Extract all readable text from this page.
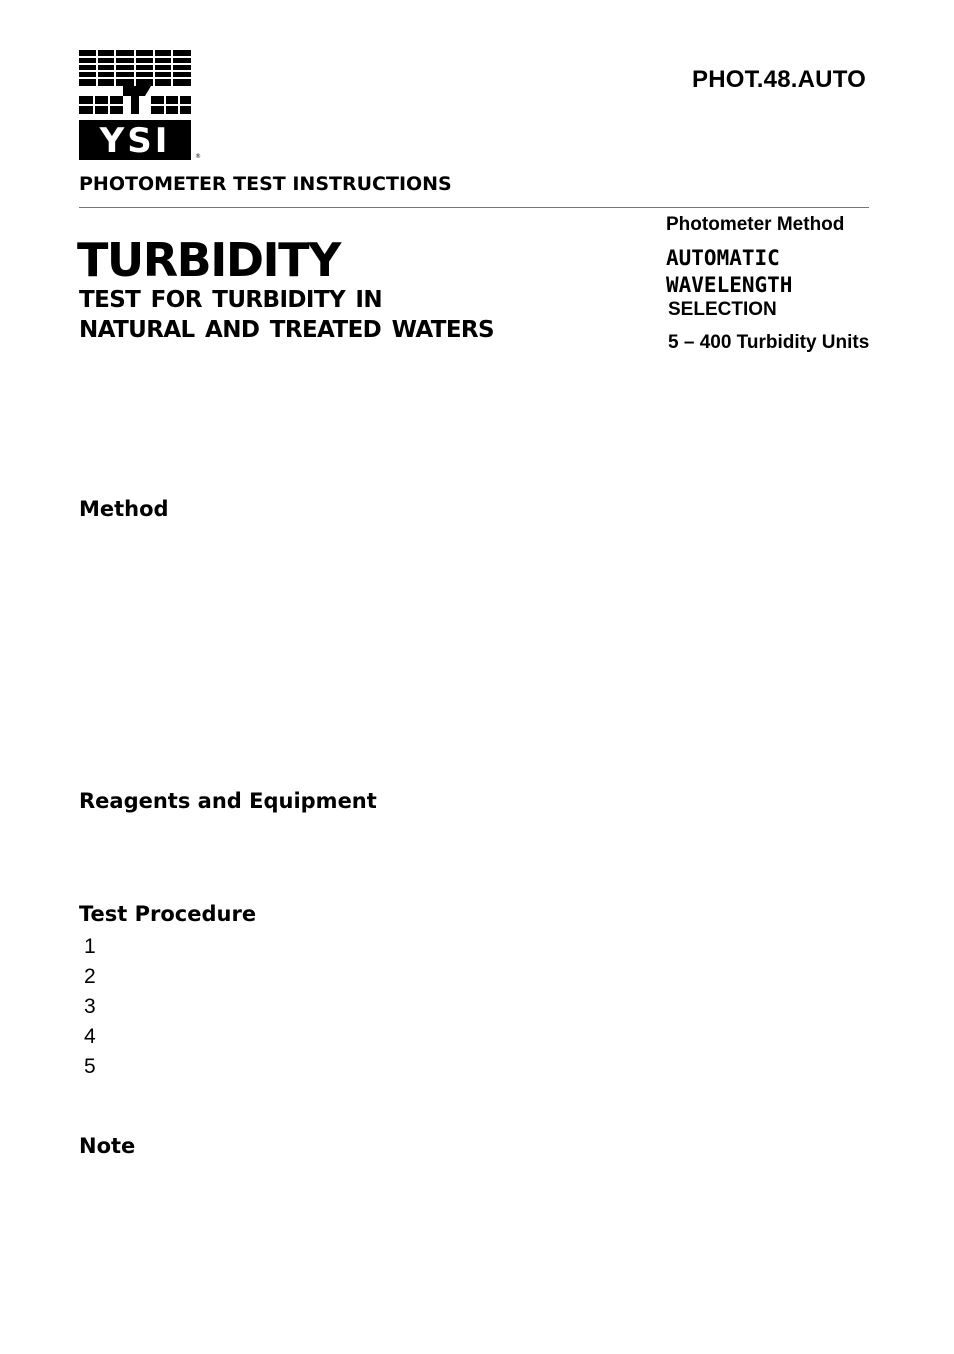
YSI	®
PHOT.48.AUTO
PHOTOMETER TEST INSTRUCTIONS
TURBIDITY
TEST FOR TURBIDITY IN
NATURAL AND TREATED WATERS
Photometer Method
AUTOMATIC
WAVELENGTH
SELECTION
5 – 400 Turbidity Units
Method
Reagents and Equipment
Test Procedure
1
2
3
4
5
Note
